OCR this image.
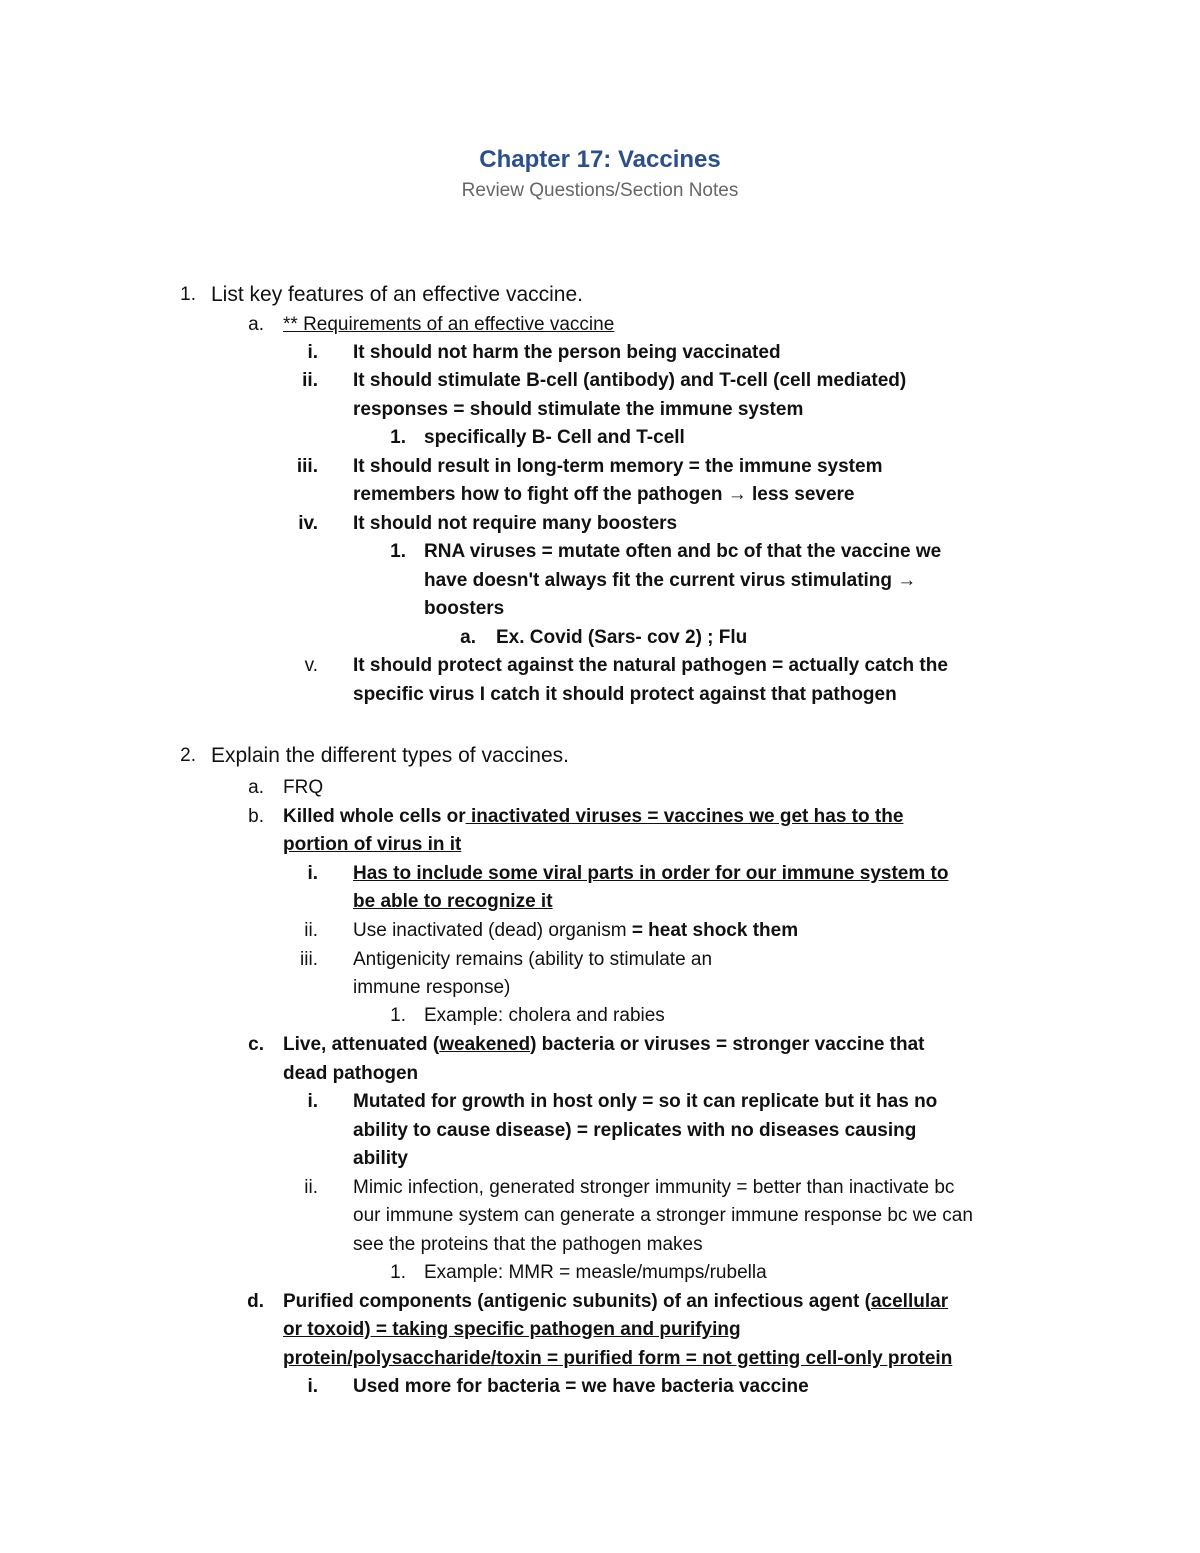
Chapter 17: Vaccines

Review Questions/Section Notes

1. List key features of an effective vaccine.

a. ** Requirements of an effective vaccine

i. It should not harm the person being vaccinated

ii. It should stimulate B-cell (antibody) and T-cell (cell mediated)

responses = should stimulate the immune system

1. specifically B- Cell and T-cell

iii. It should result in long-term memory = the immune system

remembers how to fight off the pathogen → less severe

iv. It should not require many boosters

1. RNA viruses = mutate often and bc of that the vaccine we

have doesn't always fit the current virus stimulating →

boosters

a. Ex. Covid (Sars- cov 2) ; Flu

v. It should protect against the natural pathogen = actually catch the

specific virus I catch it should protect against that pathogen

2. Explain the different types of vaccines.

a. FRQ

b. Killed whole cells or inactivated viruses = vaccines we get has to the

portion of virus in it

i. Has to include some viral parts in order for our immune system to

be able to recognize it

ii. Use inactivated (dead) organism = heat shock them

iii. Antigenicity remains (ability to stimulate an

immune response)

1. Example: cholera and rabies

c. Live, attenuated (weakened) bacteria or viruses = stronger vaccine that

dead pathogen

i. Mutated for growth in host only = so it can replicate but it has no

ability to cause disease) = replicates with no diseases causing

ability

ii. Mimic infection, generated stronger immunity = better than inactivate bc

our immune system can generate a stronger immune response bc we can

see the proteins that the pathogen makes

1. Example: MMR = measle/mumps/rubella

d. Purified components (antigenic subunits) of an infectious agent (acellular

or toxoid) = taking specific pathogen and purifying

protein/polysaccharide/toxin = purified form = not getting cell-only protein

i. Used more for bacteria = we have bacteria vaccine
